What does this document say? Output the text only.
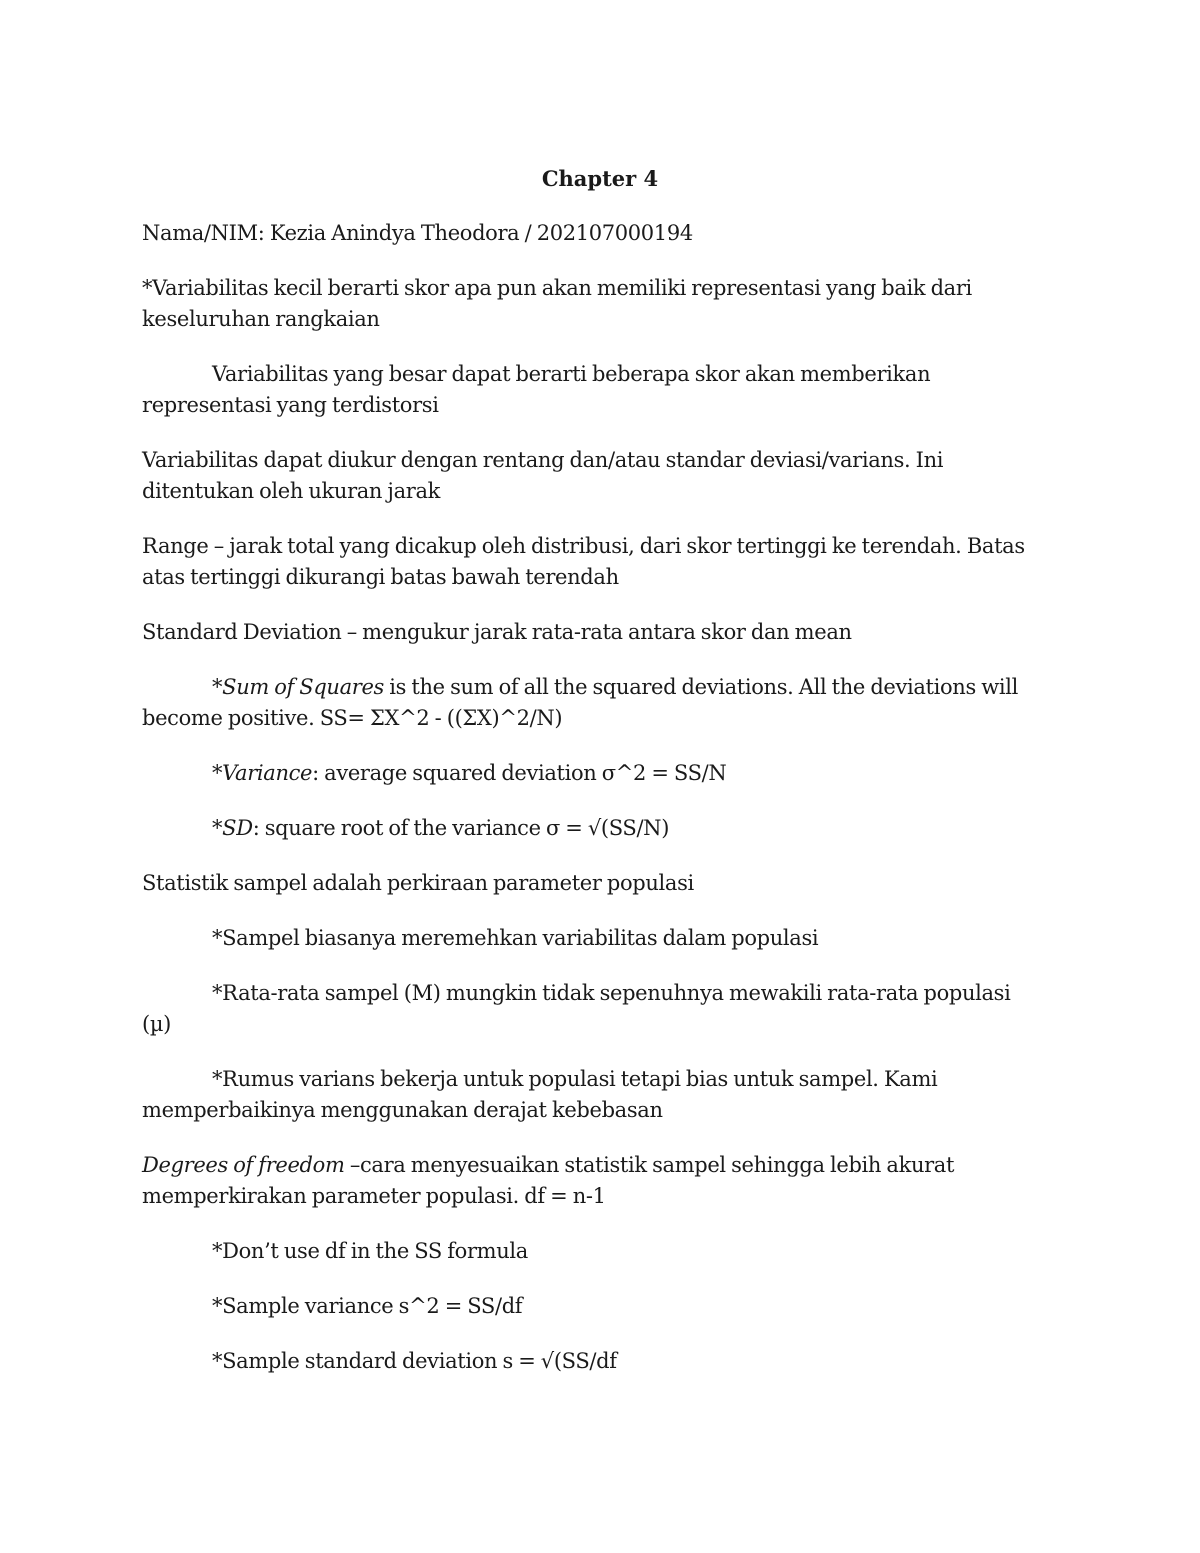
Chapter 4

Nama/NIM: Kezia Anindya Theodora / 202107000194

*Variabilitas kecil berarti skor apa pun akan memiliki representasi yang baik dari keseluruhan rangkaian

Variabilitas yang besar dapat berarti beberapa skor akan memberikan representasi yang terdistorsi

Variabilitas dapat diukur dengan rentang dan/atau standar deviasi/varians. Ini ditentukan oleh ukuran jarak

Range – jarak total yang dicakup oleh distribusi, dari skor tertinggi ke terendah. Batas atas tertinggi dikurangi batas bawah terendah

Standard Deviation – mengukur jarak rata-rata antara skor dan mean

*Sum of Squares is the sum of all the squared deviations. All the deviations will become positive. SS= ΣX^2 - ((ΣX)^2/N)

*Variance: average squared deviation σ^2 = SS/N

*SD: square root of the variance σ = √(SS/N)

Statistik sampel adalah perkiraan parameter populasi

*Sampel biasanya meremehkan variabilitas dalam populasi

*Rata-rata sampel (M) mungkin tidak sepenuhnya mewakili rata-rata populasi (µ)

*Rumus varians bekerja untuk populasi tetapi bias untuk sampel. Kami memperbaikinya menggunakan derajat kebebasan

Degrees of freedom –cara menyesuaikan statistik sampel sehingga lebih akurat memperkirakan parameter populasi. df = n-1

*Don’t use df in the SS formula

*Sample variance s^2 = SS/df

*Sample standard deviation s = √(SS/df
